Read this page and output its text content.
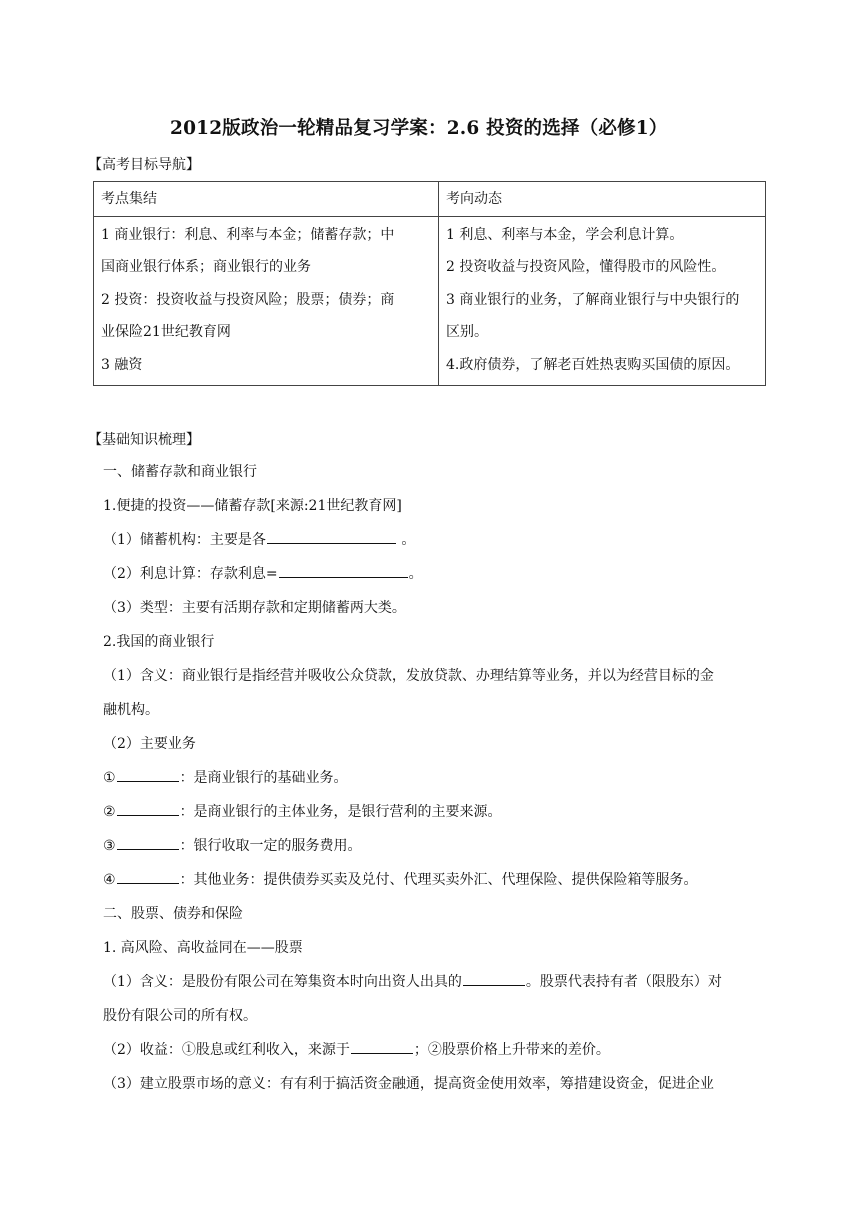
2012版政治一轮精品复习学案：2.6 投资的选择（必修1）
【高考目标导航】
考点集结	考向动态

1 商业银行：利息、利率与本金；储蓄存款；中
国商业银行体系；商业银行的业务
2 投资：投资收益与投资风险；股票；债券；商
业保险21世纪教育网
3 融资	1 利息、利率与本金，学会利息计算。
2 投资收益与投资风险，懂得股市的风险性。
3 商业银行的业务，了解商业银行与中央银行的
区别。
4.政府债券，了解老百姓热衷购买国债的原因。
【基础知识梳理】
一、储蓄存款和商业银行
1.便捷的投资——储蓄存款[来源:21世纪教育网]
（1）储蓄机构：主要是各	。
（2）利息计算：存款利息=	。
（3）类型：主要有活期存款和定期储蓄两大类。
2.我国的商业银行
（1）含义：商业银行是指经营并吸收公众贷款，发放贷款、办理结算等业务，并以为经营目标的金
融机构。
（2）主要业务
①	：是商业银行的基础业务。
②	：是商业银行的主体业务，是银行营利的主要来源。
③	：银行收取一定的服务费用。
④	：其他业务：提供债券买卖及兑付、代理买卖外汇、代理保险、提供保险箱等服务。
二、股票、债券和保险
1. 高风险、高收益同在——股票
（1）含义：是股份有限公司在筹集资本时向出资人出具的	。股票代表持有者（限股东）对
股份有限公司的所有权。
（2）收益：①股息或红利收入，来源于	；②股票价格上升带来的差价。
（3）建立股票市场的意义：有有利于搞活资金融通，提高资金使用效率，筹措建设资金，促进企业
